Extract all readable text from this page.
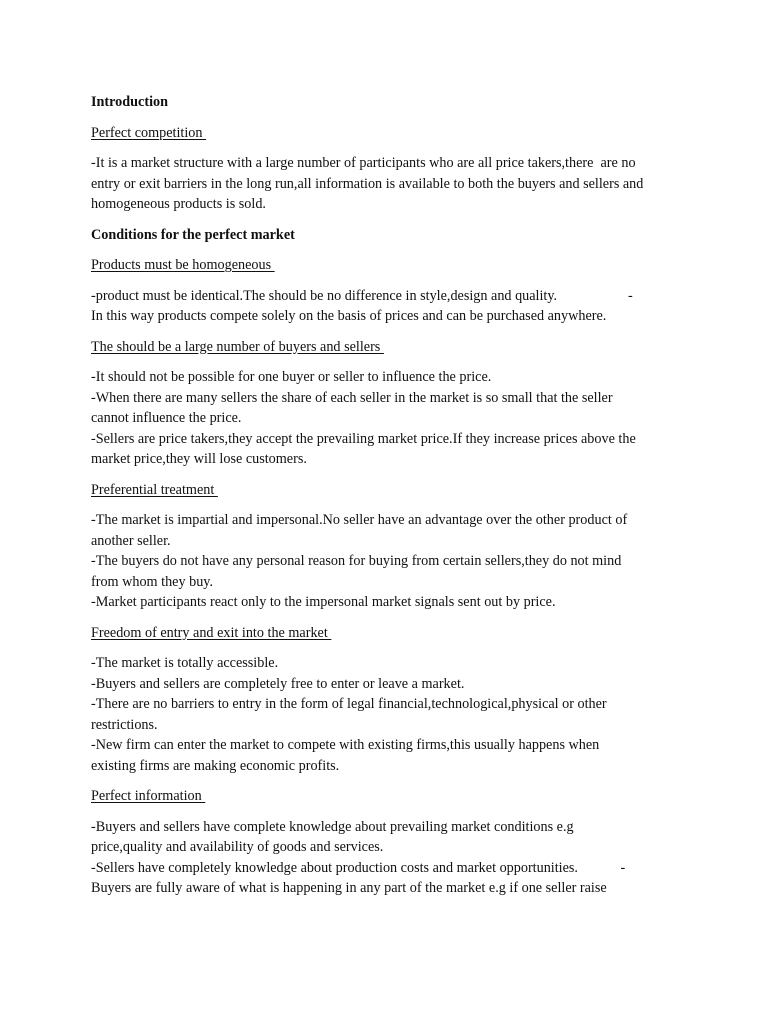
Introduction
Perfect competition
-It is a market structure with a large number of participants who are all price takers,there  are no
entry or exit barriers in the long run,all information is available to both the buyers and sellers and
homogeneous products is sold.
Conditions for the perfect market
Products must be homogeneous
-product must be identical.The should be no difference in style,design and quality.                    -
In this way products compete solely on the basis of prices and can be purchased anywhere.
The should be a large number of buyers and sellers
-It should not be possible for one buyer or seller to influence the price.
-When there are many sellers the share of each seller in the market is so small that the seller
cannot influence the price.
-Sellers are price takers,they accept the prevailing market price.If they increase prices above the
market price,they will lose customers.
Preferential treatment
-The market is impartial and impersonal.No seller have an advantage over the other product of
another seller.
-The buyers do not have any personal reason for buying from certain sellers,they do not mind
from whom they buy.
-Market participants react only to the impersonal market signals sent out by price.
Freedom of entry and exit into the market
-The market is totally accessible.
-Buyers and sellers are completely free to enter or leave a market.
-There are no barriers to entry in the form of legal financial,technological,physical or other
restrictions.
-New firm can enter the market to compete with existing firms,this usually happens when
existing firms are making economic profits.
Perfect information
-Buyers and sellers have complete knowledge about prevailing market conditions e.g
price,quality and availability of goods and services.
-Sellers have completely knowledge about production costs and market opportunities.            -
Buyers are fully aware of what is happening in any part of the market e.g if one seller raise
